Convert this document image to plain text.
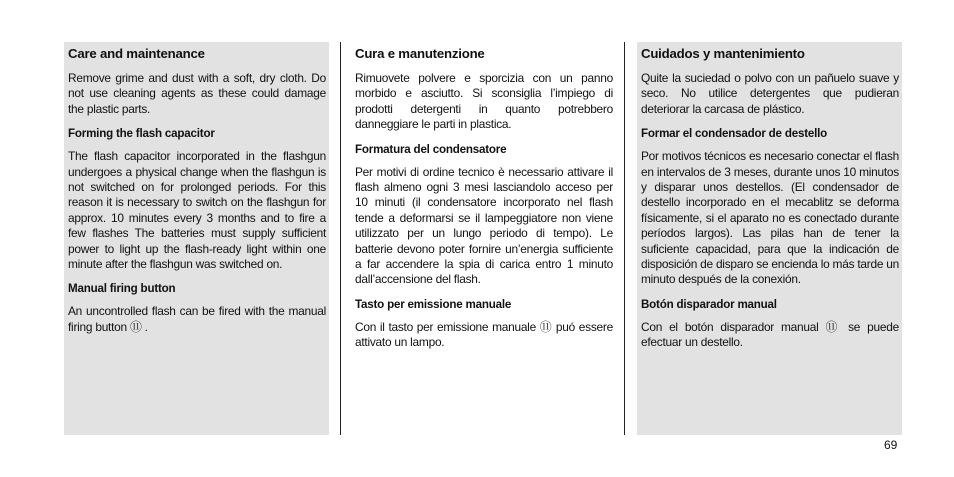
Care and maintenance

Remove grime and dust with a soft, dry cloth. Do not use cleaning agents as these could damage the plastic parts.

Forming the flash capacitor

The flash capacitor incorporated in the flashgun undergoes a physical change when the flashgun is not switched on for prolonged periods. For this reason it is necessary to switch on the flashgun for approx. 10 minutes every 3 months and to fire a few flashes The batteries must supply sufficient power to light up the flash-ready light within one minute after the flashgun was switched on.

Manual firing button

An uncontrolled flash can be fired with the manual firing button ⑪ .

Cura e manutenzione

Rimuovete polvere e sporcizia con un panno morbido e asciutto. Si sconsiglia l’impiego di prodotti detergenti in quanto potrebbero danneggiare le parti in plastica.

Formatura del condensatore

Per motivi di ordine tecnico è necessario attivare il flash almeno ogni 3 mesi lasciandolo acceso per 10 minuti (il condensatore incorporato nel flash tende a deformarsi se il lampeggiatore non viene utilizzato per un lungo periodo di tempo). Le batterie devono poter fornire un’energia sufficiente a far accendere la spia di carica entro 1 minuto dall’accensione del flash.

Tasto per emissione manuale

Con il tasto per emissione manuale ⑪ puó essere attivato un lampo.

Cuidados y mantenimiento

Quite la suciedad o polvo con un pañuelo suave y seco. No utilice detergentes que pudieran deteriorar la carcasa de plástico.

Formar el condensador de destello

Por motivos técnicos es necesario conectar el flash en intervalos de 3 meses, durante unos 10 minutos y disparar unos destellos. (El condensador de destello incorporado en el mecablitz se deforma físicamente, si el aparato no es conectado durante períodos largos). Las pilas han de tener la suficiente capacidad, para que la indicación de disposición de disparo se encienda lo más tarde un minuto después de la conexión.

Botón disparador manual

Con el botón disparador manual ⑪ se puede efectuar un destello.

69
